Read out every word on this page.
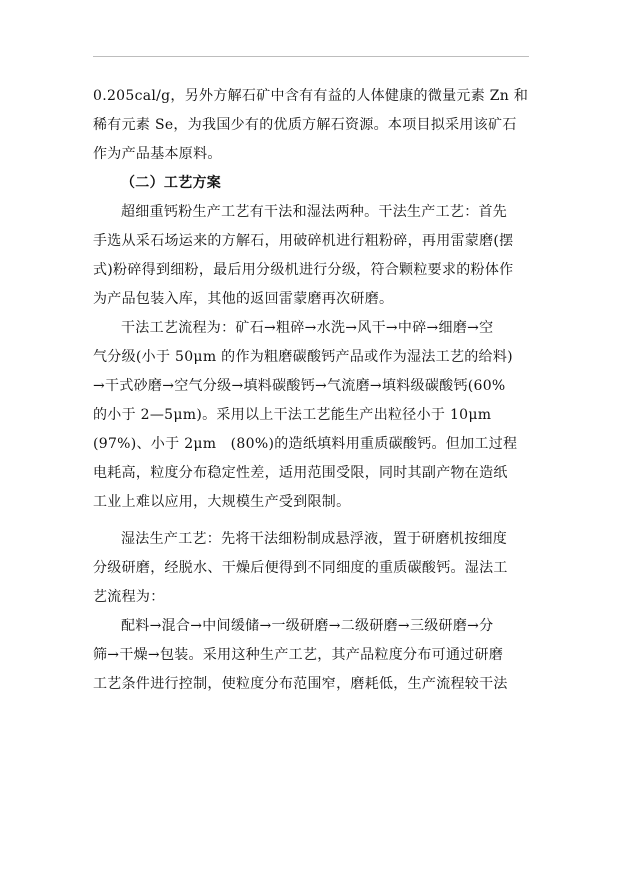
0.205cal/g，另外方解石矿中含有有益的人体健康的微量元素 Zn 和
稀有元素 Se，为我国少有的优质方解石资源。本项目拟采用该矿石
作为产品基本原料。
（二）工艺方案
超细重钙粉生产工艺有干法和湿法两种。干法生产工艺：首先
手选从采石场运来的方解石，用破碎机进行粗粉碎，再用雷蒙磨(摆
式)粉碎得到细粉，最后用分级机进行分级，符合颗粒要求的粉体作
为产品包装入库，其他的返回雷蒙磨再次研磨。
干法工艺流程为：矿石→粗碎→水洗→风干→中碎→细磨→空
气分级(小于 50μm 的作为粗磨碳酸钙产品或作为湿法工艺的给料)
→干式砂磨→空气分级→填料碳酸钙→气流磨→填料级碳酸钙(60%
的小于 2—5μm)。采用以上干法工艺能生产出粒径小于 10μm
(97%)、小于 2μm　(80%)的造纸填料用重质碳酸钙。但加工过程
电耗高，粒度分布稳定性差，适用范围受限，同时其副产物在造纸
工业上难以应用，大规模生产受到限制。
湿法生产工艺：先将干法细粉制成悬浮液，置于研磨机按细度
分级研磨，经脱水、干燥后便得到不同细度的重质碳酸钙。湿法工
艺流程为：
配料→混合→中间缓储→一级研磨→二级研磨→三级研磨→分
筛→干燥→包装。采用这种生产工艺，其产品粒度分布可通过研磨
工艺条件进行控制，使粒度分布范围窄，磨耗低，生产流程较干法
